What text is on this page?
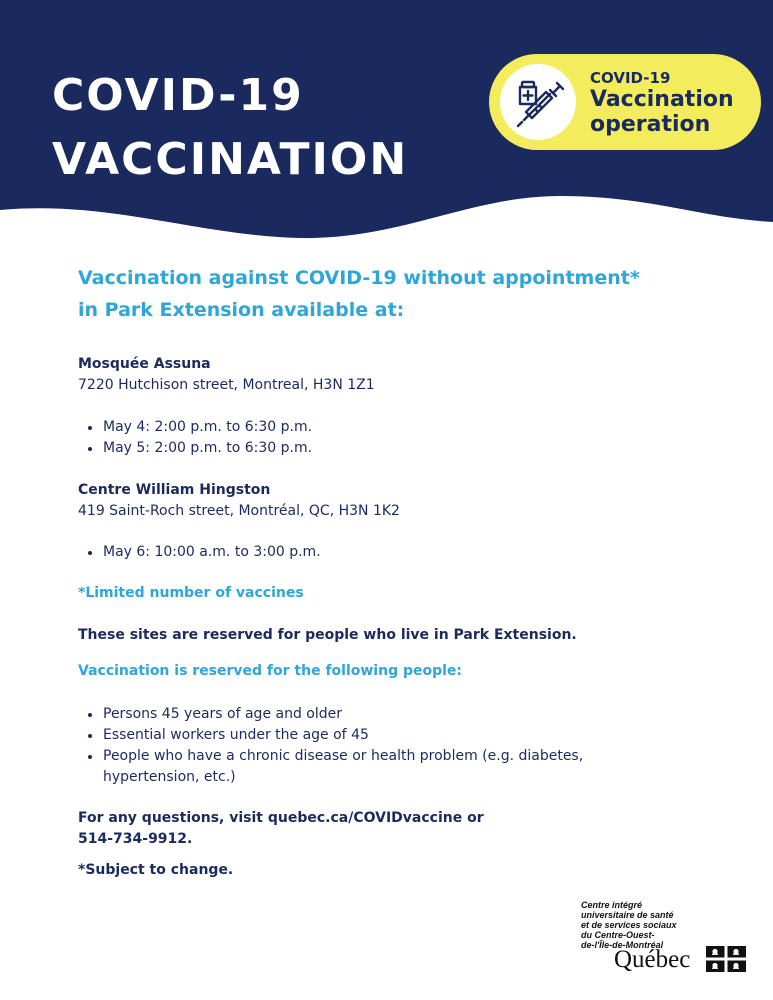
COVID-19
VACCINATION
COVID-19
Vaccination
operation
Vaccination against COVID-19 without appointment*
in Park Extension available at:
Mosquée Assuna
7220 Hutchison street, Montreal, H3N 1Z1
May 4: 2:00 p.m. to 6:30 p.m.
May 5: 2:00 p.m. to 6:30 p.m.
Centre William Hingston
419 Saint-Roch street, Montréal, QC, H3N 1K2
May 6: 10:00 a.m. to 3:00 p.m.
*Limited number of vaccines
These sites are reserved for people who live in Park Extension.
Vaccination is reserved for the following people:
Persons 45 years of age and older
Essential workers under the age of 45
People who have a chronic disease or health problem (e.g. diabetes,
hypertension, etc.)
For any questions, visit quebec.ca/COVIDvaccine or
514-734-9912.
*Subject to change.
Centre intégré
universitaire de santé
et de services sociaux
du Centre-Ouest-
de-l'Île-de-Montréal
Québec
